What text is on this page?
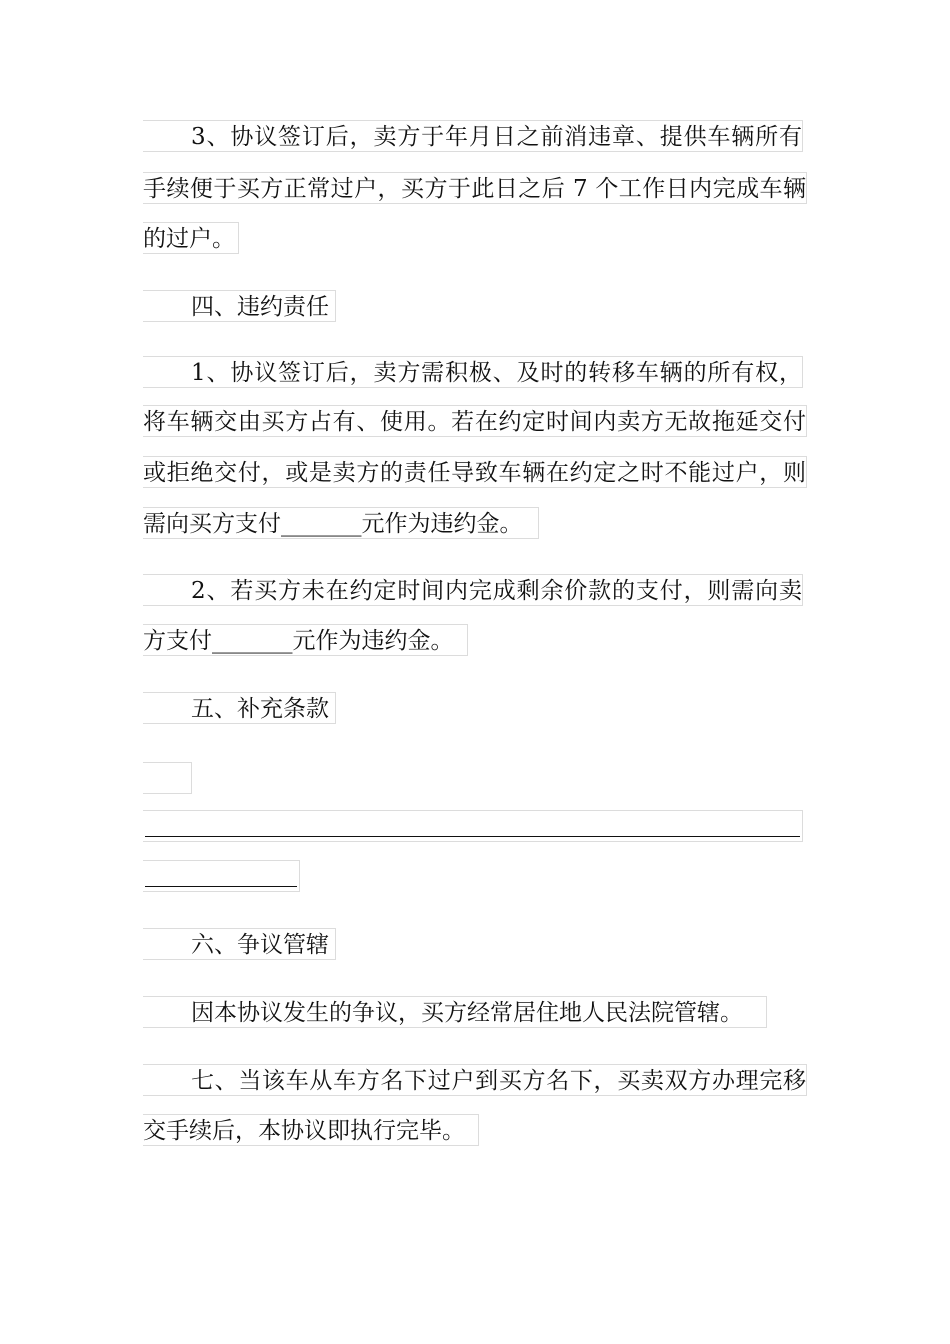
3、协议签订后，卖方于年月日之前消违章、提供车辆所有
手续便于买方正常过户，买方于此日之后 7 个工作日内完成车辆
的过户。
四、违约责任
1、协议签订后，卖方需积极、及时的转移车辆的所有权，
将车辆交由买方占有、使用。若在约定时间内卖方无故拖延交付
或拒绝交付，或是卖方的责任导致车辆在约定之时不能过户，则
需向买方支付_______元作为违约金。
2、若买方未在约定时间内完成剩余价款的支付，则需向卖
方支付_______元作为违约金。
五、补充条款
六、争议管辖
因本协议发生的争议，买方经常居住地人民法院管辖。
七、当该车从车方名下过户到买方名下，买卖双方办理完移
交手续后，本协议即执行完毕。
